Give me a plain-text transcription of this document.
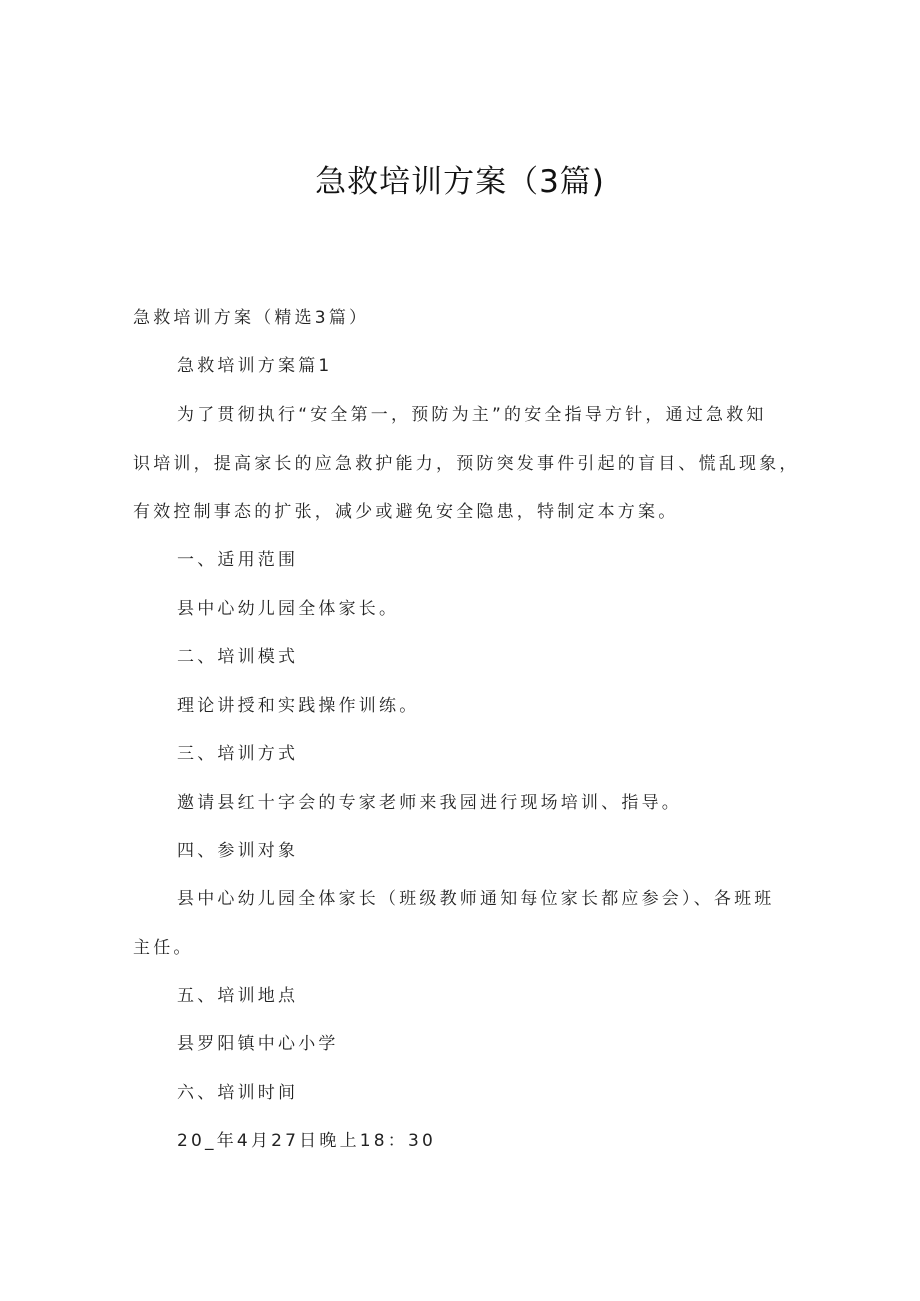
急救培训方案（3篇)
急救培训方案（精选3篇）
急救培训方案篇1
为了贯彻执行“安全第一，预防为主”的安全指导方针，通过急救知
识培训，提高家长的应急救护能力，预防突发事件引起的盲目、慌乱现象，
有效控制事态的扩张，减少或避免安全隐患，特制定本方案。
一、适用范围
县中心幼儿园全体家长。
二、培训模式
理论讲授和实践操作训练。
三、培训方式
邀请县红十字会的专家老师来我园进行现场培训、指导。
四、参训对象
县中心幼儿园全体家长（班级教师通知每位家长都应参会）、各班班
主任。
五、培训地点
县罗阳镇中心小学
六、培训时间
20_年4月27日晚上18：30
